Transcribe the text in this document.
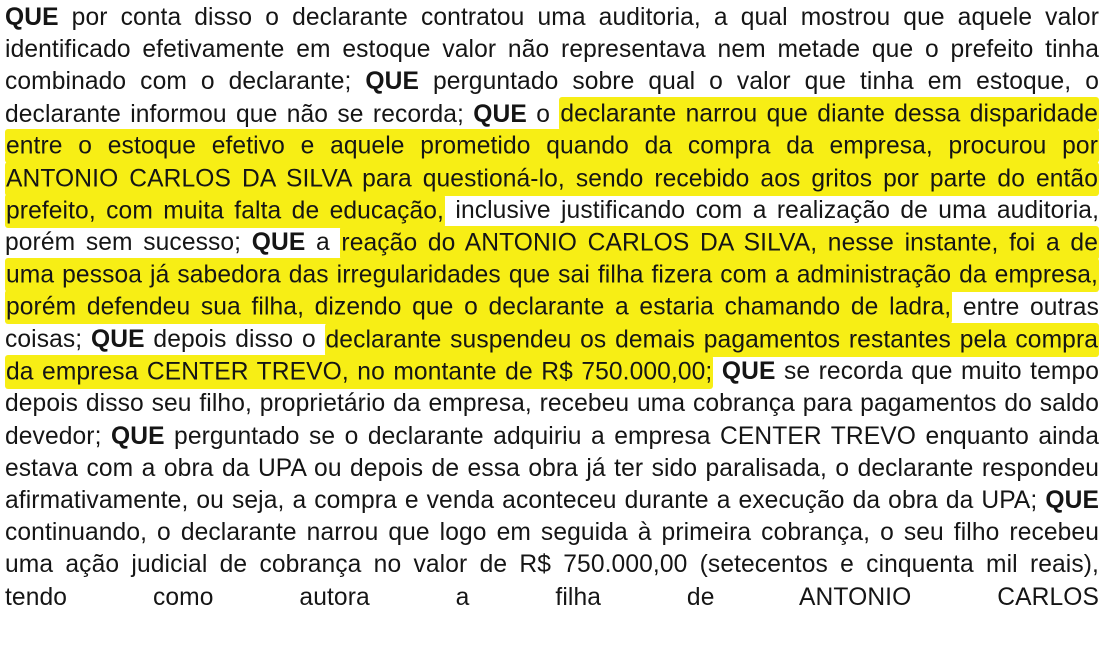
QUE por conta disso o declarante contratou uma auditoria, a qual mostrou que aquele valor identificado efetivamente em estoque valor não representava nem metade que o prefeito tinha combinado com o declarante; QUE perguntado sobre qual o valor que tinha em estoque, o declarante informou que não se recorda; QUE o declarante narrou que diante dessa disparidade entre o estoque efetivo e aquele prometido quando da compra da empresa, procurou por ANTONIO CARLOS DA SILVA para questioná-lo, sendo recebido aos gritos por parte do então prefeito, com muita falta de educação, inclusive justificando com a realização de uma auditoria, porém sem sucesso; QUE a reação do ANTONIO CARLOS DA SILVA, nesse instante, foi a de uma pessoa já sabedora das irregularidades que sai filha fizera com a administração da empresa, porém defendeu sua filha, dizendo que o declarante a estaria chamando de ladra, entre outras coisas; QUE depois disso o declarante suspendeu os demais pagamentos restantes pela compra da empresa CENTER TREVO, no montante de R$ 750.000,00; QUE se recorda que muito tempo depois disso seu filho, proprietário da empresa, recebeu uma cobrança para pagamentos do saldo devedor; QUE perguntado se o declarante adquiriu a empresa CENTER TREVO enquanto ainda estava com a obra da UPA ou depois de essa obra já ter sido paralisada, o declarante respondeu afirmativamente, ou seja, a compra e venda aconteceu durante a execução da obra da UPA; QUE continuando, o declarante narrou que logo em seguida à primeira cobrança, o seu filho recebeu uma ação judicial de cobrança no valor de R$ 750.000,00 (setecentos e cinquenta mil reais), tendo como autora a filha de ANTONIO CARLOS
